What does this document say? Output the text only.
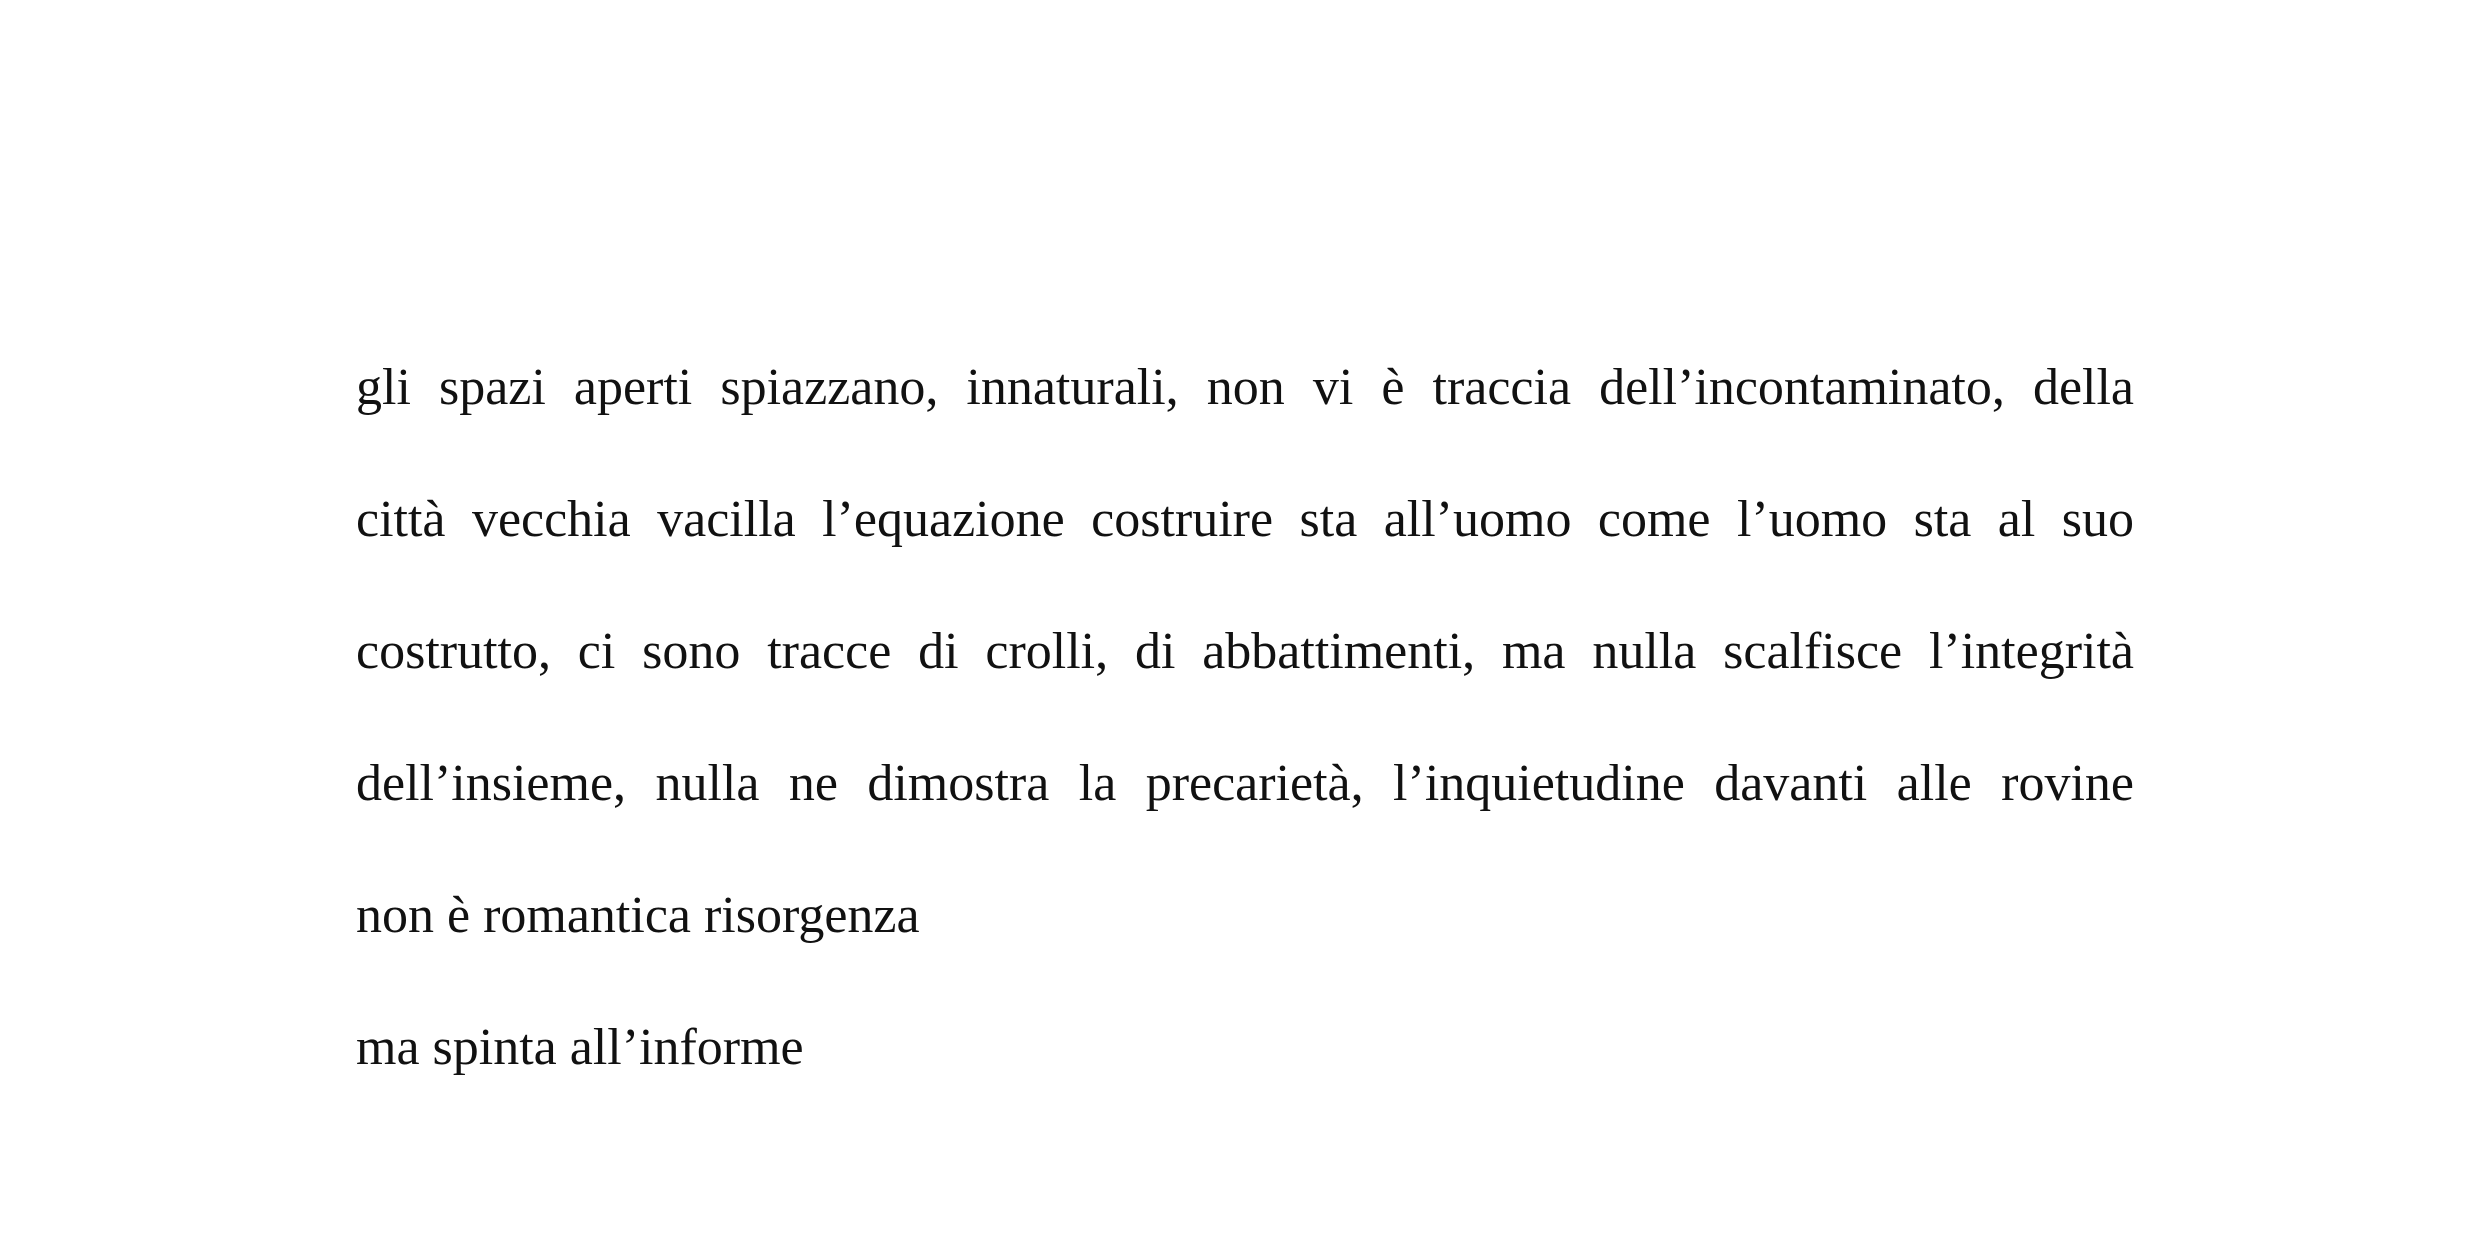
gli spazi aperti spiazzano, innaturali, non vi è traccia dell’incontaminato, della
città vecchia vacilla l’equazione costruire sta all’uomo come l’uomo sta al suo
costrutto, ci sono tracce di crolli, di abbattimenti, ma nulla scalfisce l’integrità
dell’insieme, nulla ne dimostra la precarietà, l’inquietudine davanti alle rovine
non è romantica risorgenza
ma spinta all’informe
